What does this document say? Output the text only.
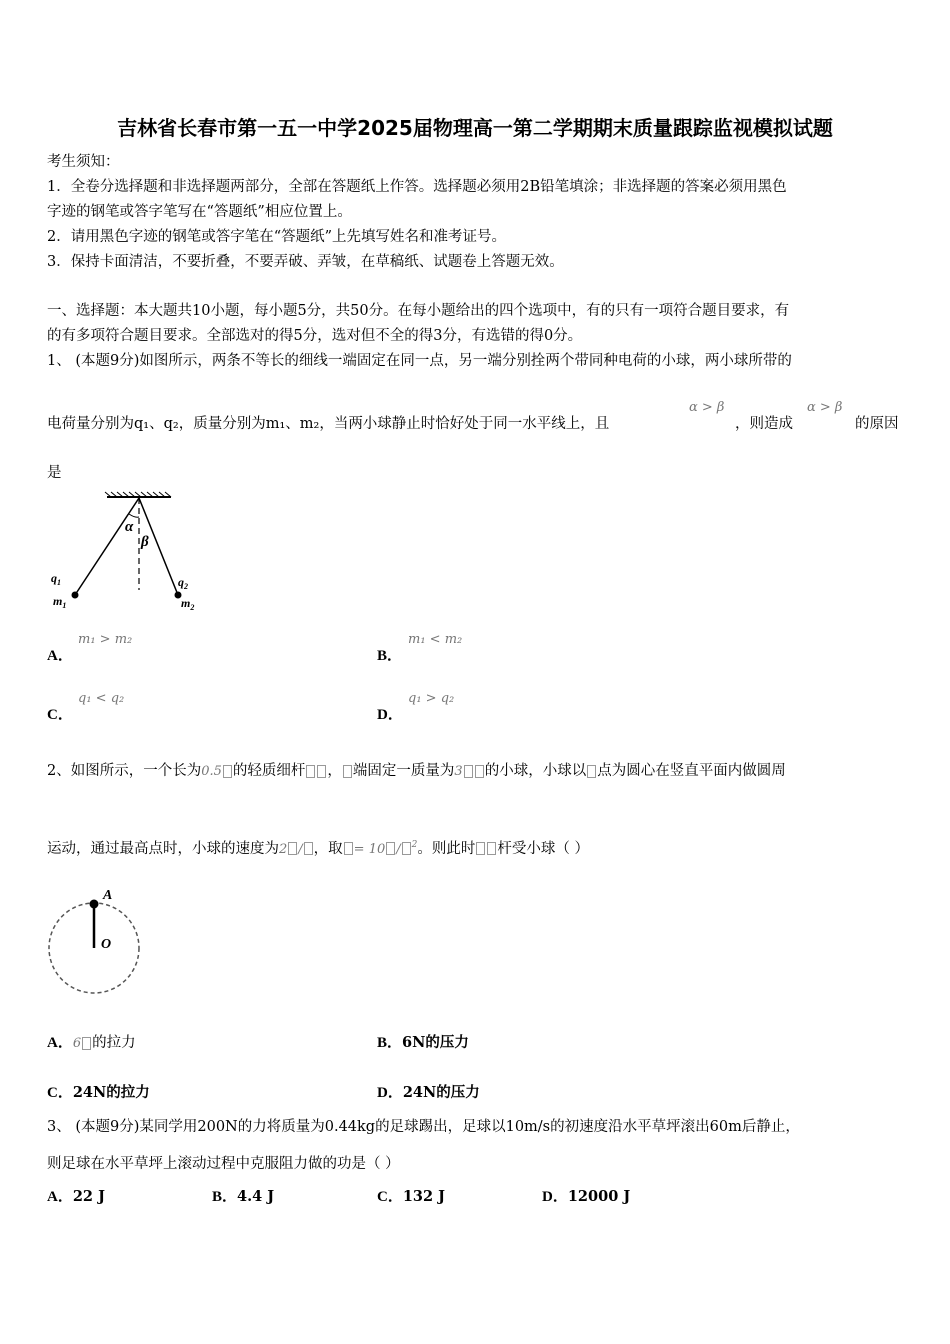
吉林省长春市第一五一中学2025届物理高一第二学期期末质量跟踪监视模拟试题
考生须知：
1．全卷分选择题和非选择题两部分，全部在答题纸上作答。选择题必须用2B铅笔填涂；非选择题的答案必须用黑色
字迹的钢笔或答字笔写在“答题纸”相应位置上。
2．请用黑色字迹的钢笔或答字笔在“答题纸”上先填写姓名和准考证号。
3．保持卡面清洁，不要折叠，不要弄破、弄皱，在草稿纸、试题卷上答题无效。
一、选择题：本大题共10小题，每小题5分，共50分。在每小题给出的四个选项中，有的只有一项符合题目要求，有
的有多项符合题目要求。全部选对的得5分，选对但不全的得3分，有选错的得0分。
1、 (本题9分)如图所示，两条不等长的细线一端固定在同一点，另一端分别拴两个带同种电荷的小球，两小球所带的
电荷量分别为q₁、q₂，质量分别为m₁、m₂，当两小球静止时恰好处于同一水平线上，且
α > β
，则造成
α > β
的原因
是
α
β
$q_1$
$m_1$
$q_2$
$m_2$
A．
m₁ > m₂
B．
m₁ < m₂
C．
q₁ < q₂
D．
q₁ > q₂
2、如图所示，一个长为0.5 的轻质细杆 ， 端固定一质量为3 的小球，小球以 点为圆心在竖直平面内做圆周
运动，通过最高点时，小球的速度为2 / ，取 = 10 / $^2$。则此时 杆受小球（ ）
A
O
A．6 的拉力	B．6N的压力
C．24N的拉力	D．24N的压力
3、 (本题9分)某同学用200N的力将质量为0.44kg的足球踢出，足球以10m/s的初速度沿水平草坪滚出60m后静止，
则足球在水平草坪上滚动过程中克服阻力做的功是（ ）
A．22 J	B．4.4 J	C．132 J	D．12000 J
